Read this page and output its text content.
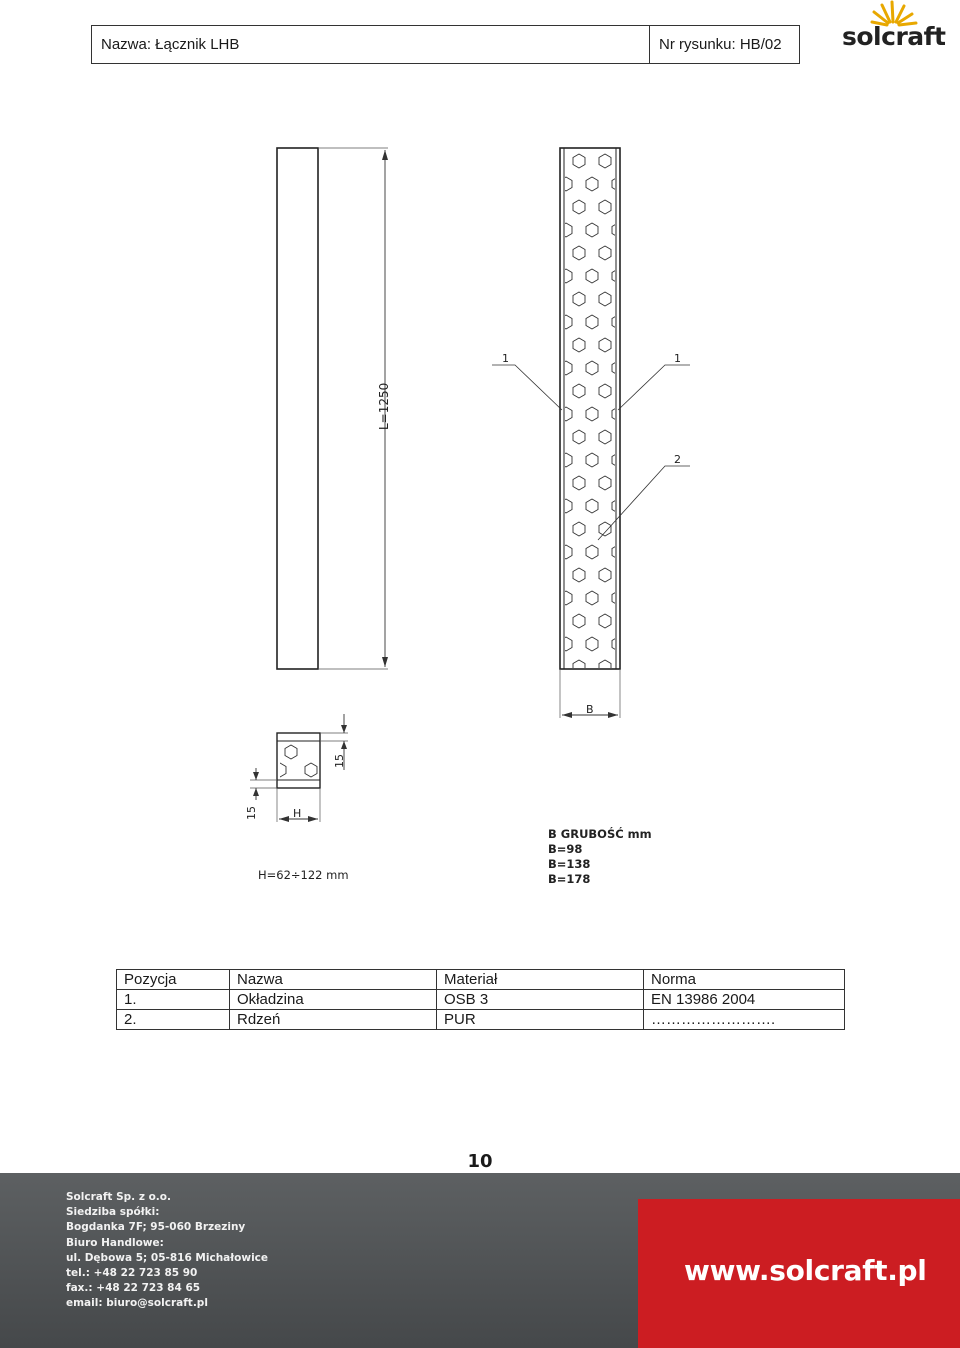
Nazwa: Łącznik LHB	Nr rysunku: HB/02	solcraft
L=1250
B
1	1
2
15
15	H
H=62÷122 mm
B GRUBOŚĆ mm
B=98
B=138
B=178
Pozycja	Nazwa	Materiał	Norma
1.	Okładzina	OSB 3	EN 13986 2004
2.	Rdzeń	PUR	…………………….
10
Solcraft Sp. z o.o.
Siedziba spółki:
Bogdanka 7F; 95-060 Brzeziny
Biuro Handlowe:
ul. Dębowa 5; 05-816 Michałowice
tel.: +48 22 723 85 90
fax.: +48 22 723 84 65
email: biuro@solcraft.pl
www.solcraft.pl
